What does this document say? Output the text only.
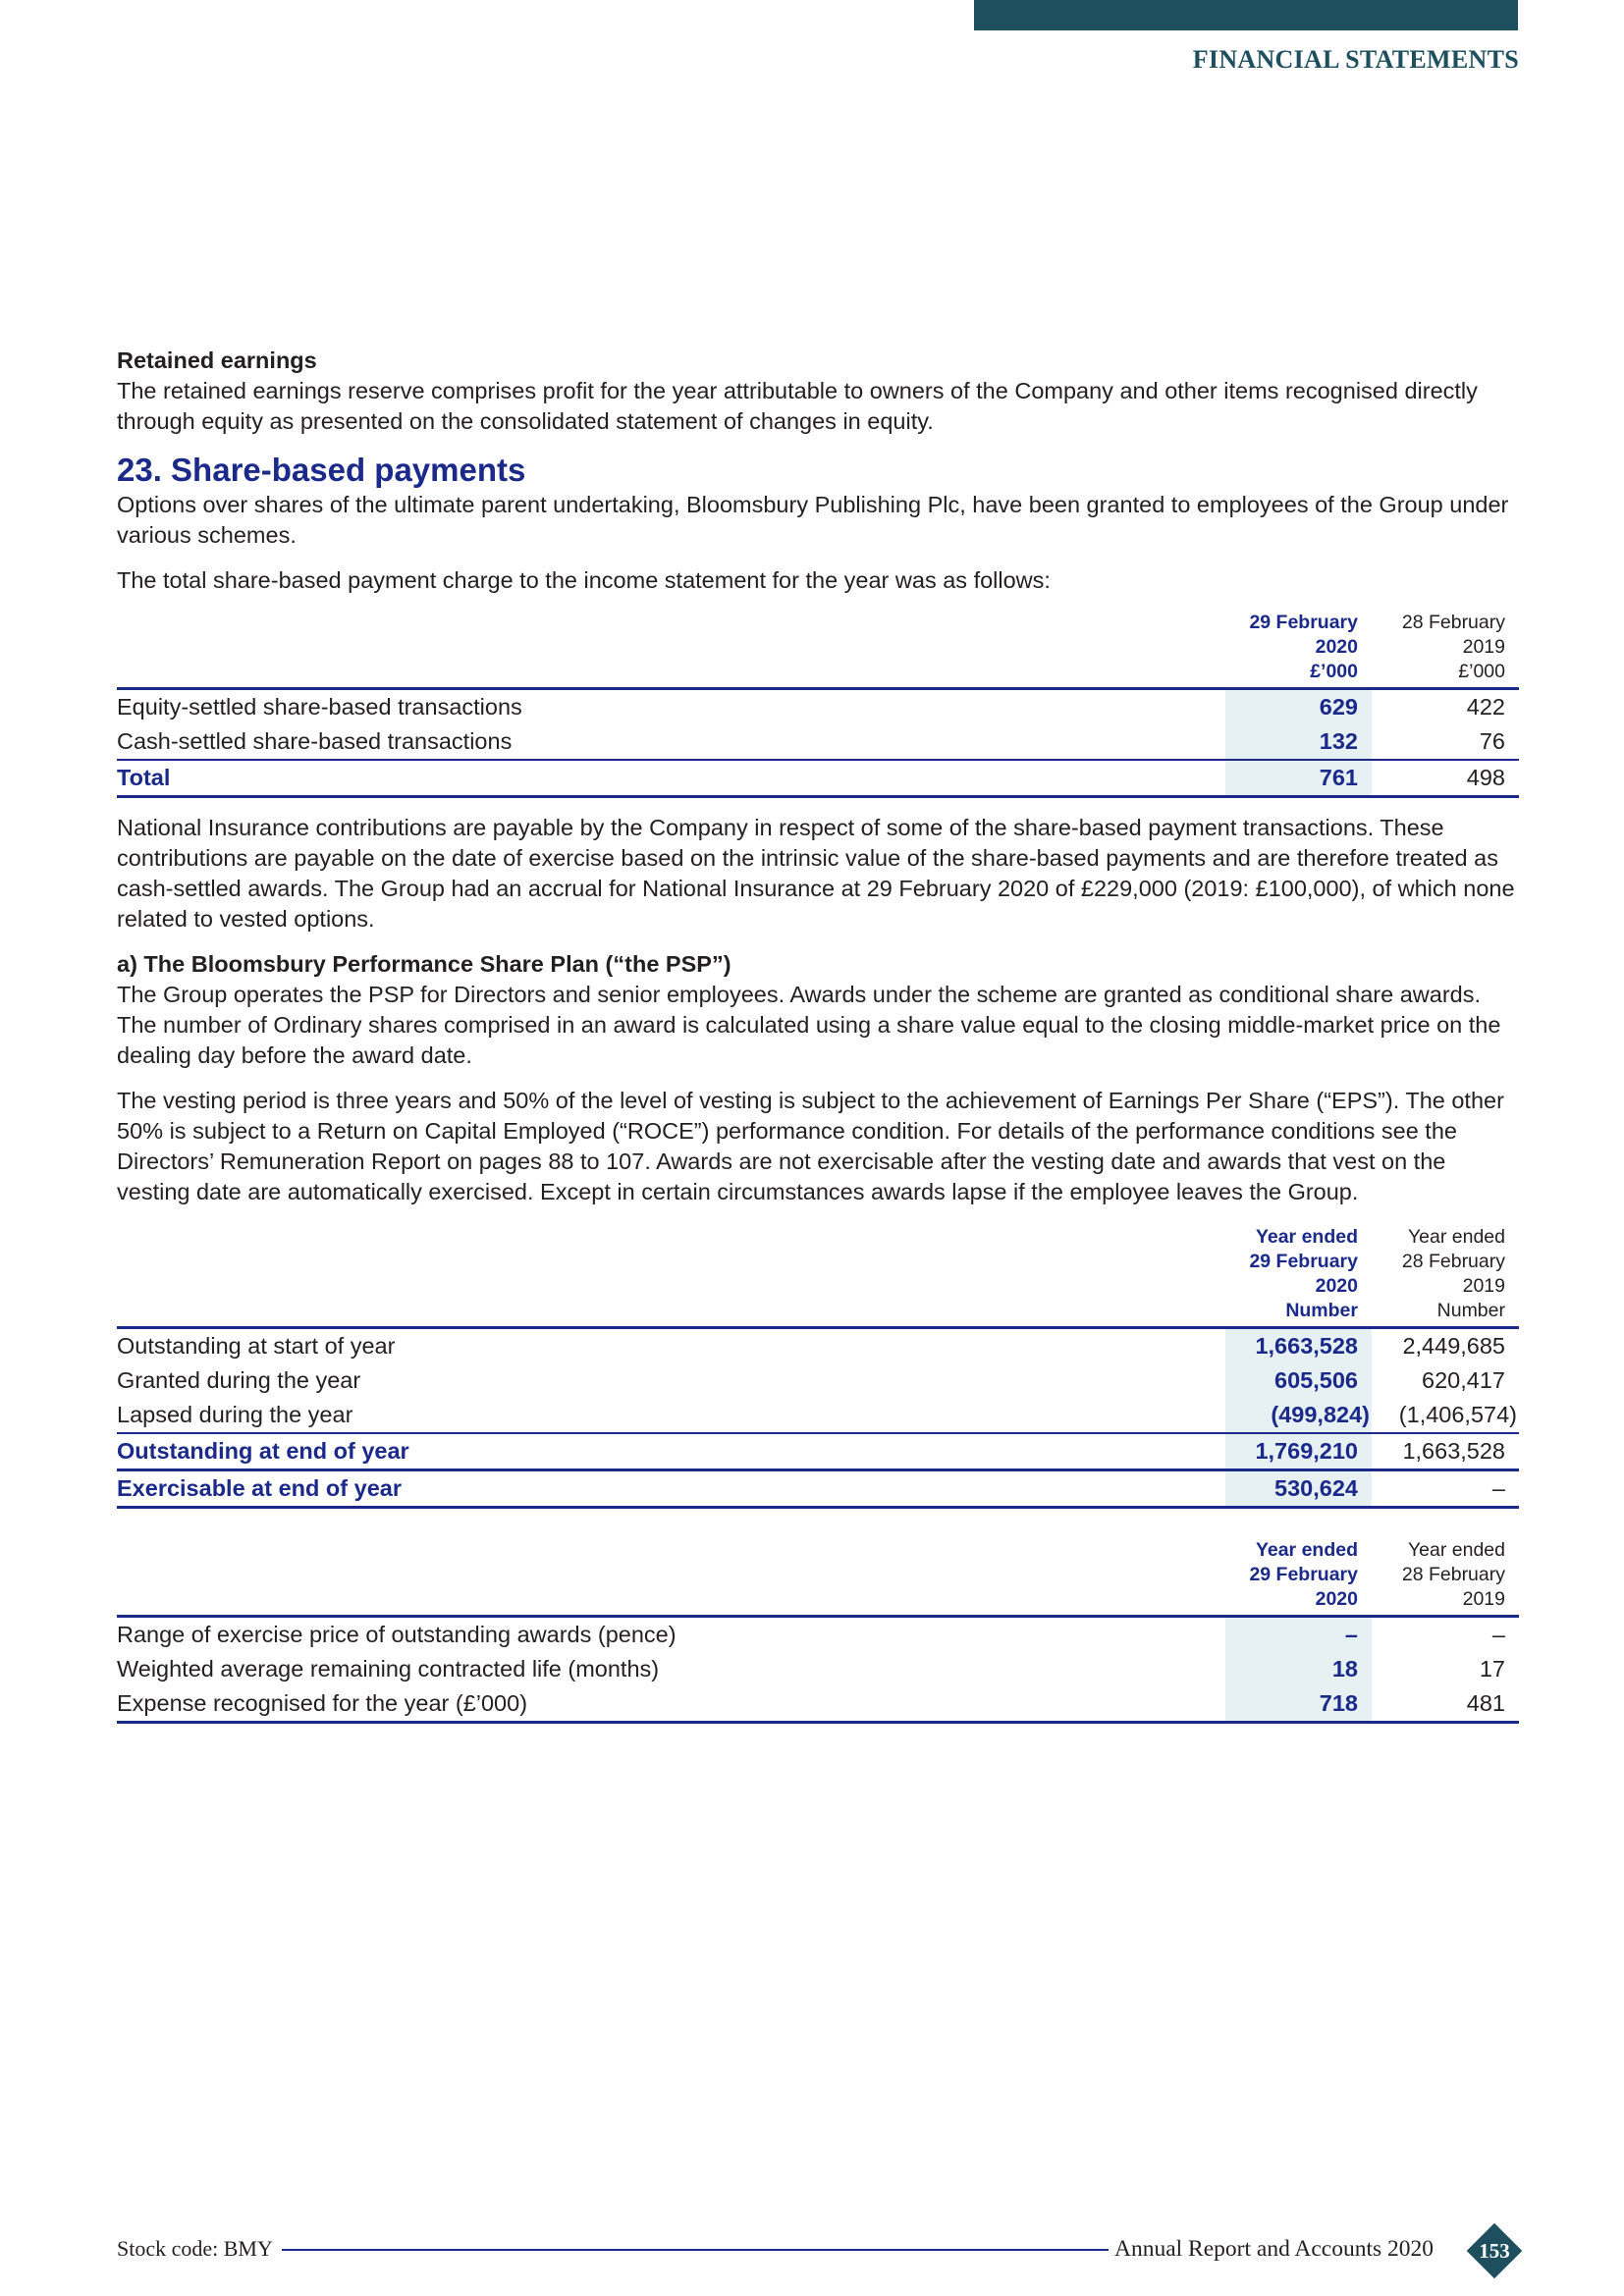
FINANCIAL STATEMENTS

Retained earnings

The retained earnings reserve comprises profit for the year attributable to owners of the Company and other items recognised directly through equity as presented on the consolidated statement of changes in equity.

23. Share-based payments

Options over shares of the ultimate parent undertaking, Bloomsbury Publishing Plc, have been granted to employees of the Group under various schemes.

The total share-based payment charge to the income statement for the year was as follows:

	29 February
2020
£’000	28 February
2019
£’000
Equity-settled share-based transactions	629	422
Cash-settled share-based transactions	132	76
Total	761	498

National Insurance contributions are payable by the Company in respect of some of the share-based payment transactions. These contributions are payable on the date of exercise based on the intrinsic value of the share-based payments and are therefore treated as cash-settled awards. The Group had an accrual for National Insurance at 29 February 2020 of £229,000 (2019: £100,000), of which none related to vested options.

a) The Bloomsbury Performance Share Plan (“the PSP”)

The Group operates the PSP for Directors and senior employees. Awards under the scheme are granted as conditional share awards. The number of Ordinary shares comprised in an award is calculated using a share value equal to the closing middle-market price on the dealing day before the award date.

The vesting period is three years and 50% of the level of vesting is subject to the achievement of Earnings Per Share (“EPS”). The other 50% is subject to a Return on Capital Employed (“ROCE”) performance condition. For details of the performance conditions see the Directors’ Remuneration Report on pages 88 to 107. Awards are not exercisable after the vesting date and awards that vest on the vesting date are automatically exercised. Except in certain circumstances awards lapse if the employee leaves the Group.

	Year ended
29 February
2020
Number	Year ended
28 February
2019
Number
Outstanding at start of year	1,663,528	2,449,685
Granted during the year	605,506	620,417
Lapsed during the year	(499,824)	(1,406,574)
Outstanding at end of year	1,769,210	1,663,528
Exercisable at end of year	530,624	–
	Year ended
29 February
2020	Year ended
28 February
2019
Range of exercise price of outstanding awards (pence)	–	–
Weighted average remaining contracted life (months)	18	17
Expense recognised for the year (£’000)	718	481
Stock code: BMY	Annual Report and Accounts 2020	153
